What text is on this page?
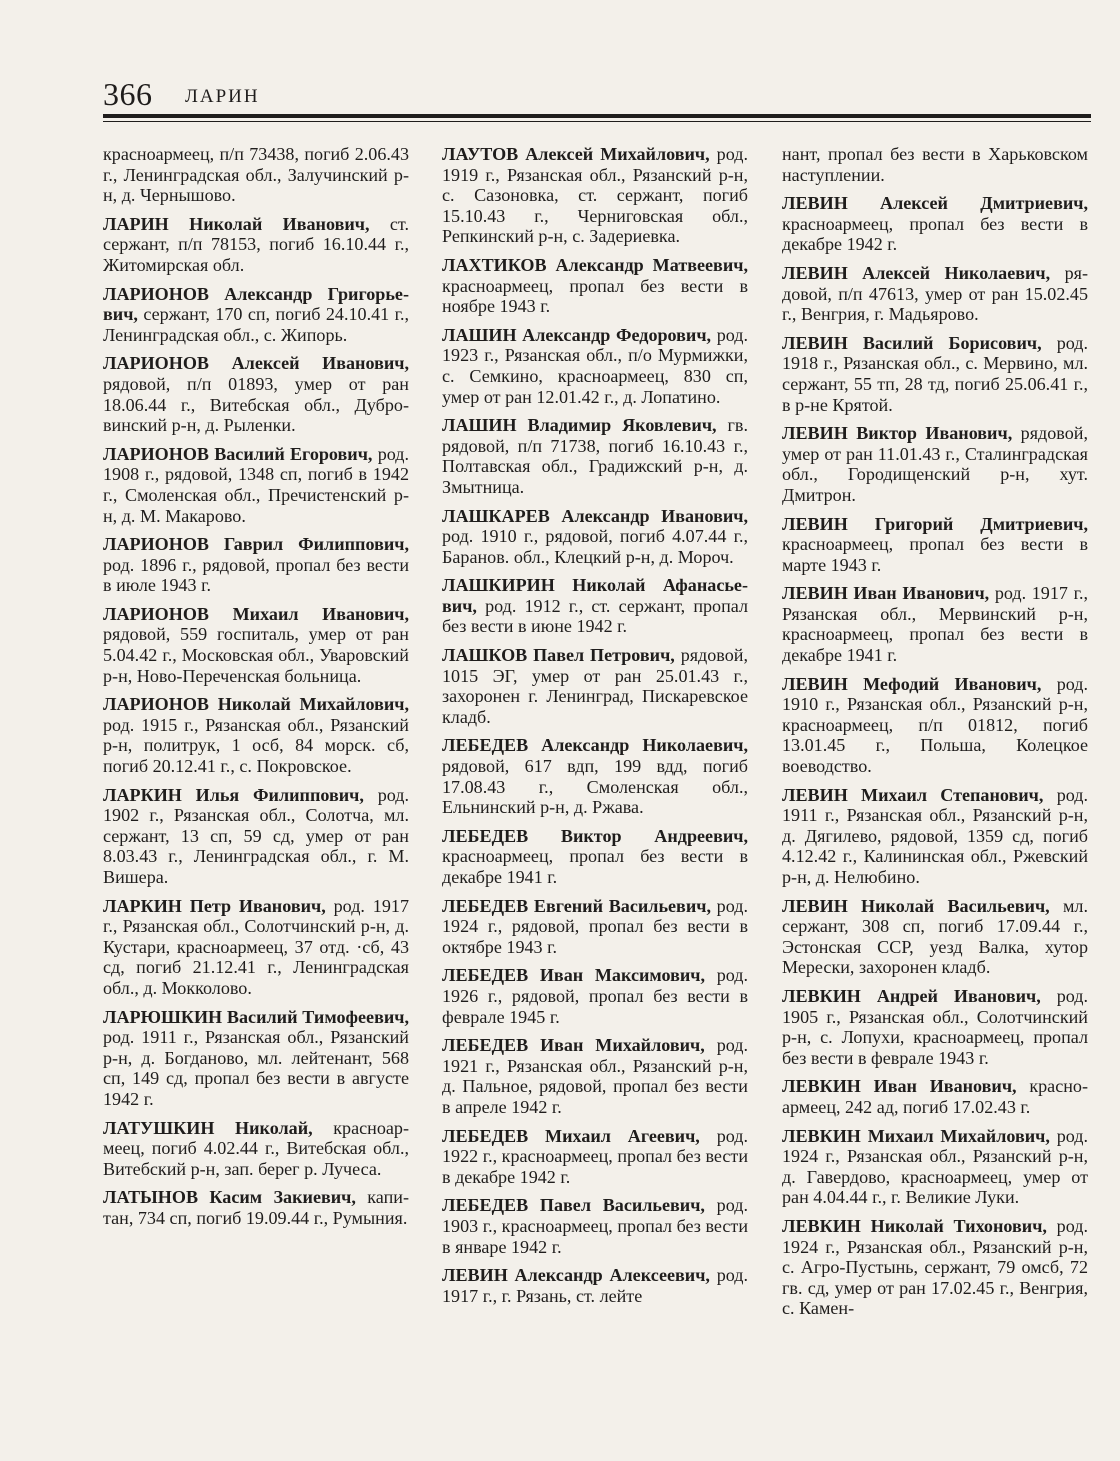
366 ЛАРИН

красноармеец, п/п 73438, погиб 2.06.43 г., Ленинградская обл., Залучинский р-н, д. Чернышово.

ЛАРИН Николай Иванович, ст. сержант, п/п 78153, погиб 16.10.44 г., Житомирская обл.

ЛАРИОНОВ Александр Григорьевич, сержант, 170 сп, погиб 24.10.41 г., Ленинградская обл., с. Жипорь.

ЛАРИОНОВ Алексей Иванович, рядовой, п/п 01893, умер от ран 18.06.44 г., Витебская обл., Дубровинский р-н, д. Рыленки.

ЛАРИОНОВ Василий Егорович, род. 1908 г., рядовой, 1348 сп, погиб в 1942 г., Смоленская обл., Пречистенский р-н, д. М. Макарово.

ЛАРИОНОВ Гаврил Филиппович, род. 1896 г., рядовой, пропал без вести в июле 1943 г.

ЛАРИОНОВ Михаил Иванович, рядовой, 559 госпиталь, умер от ран 5.04.42 г., Московская обл., Уваровский р-н, Ново-Переченская больница.

ЛАРИОНОВ Николай Михайлович, род. 1915 г., Рязанская обл., Рязанский р-н, политрук, 1 осб, 84 морск. сб, погиб 20.12.41 г., с. Покровское.

ЛАРКИН Илья Филиппович, род. 1902 г., Рязанская обл., Солотча, мл. сержант, 13 сп, 59 сд, умер от ран 8.03.43 г., Ленинградская обл., г. М. Вишера.

ЛАРКИН Петр Иванович, род. 1917 г., Рязанская обл., Солотчинский р-н, д. Кустари, красноармеец, 37 отд. ·сб, 43 сд, погиб 21.12.41 г., Ленинградская обл., д. Мокколово.

ЛАРЮШКИН Василий Тимофеевич, род. 1911 г., Рязанская обл., Рязанский р-н, д. Богданово, мл. лейтенант, 568 сп, 149 сд, пропал без вести в августе 1942 г.

ЛАТУШКИН Николай, красноармеец, погиб 4.02.44 г., Витебская обл., Витебский р-н, зап. берег р. Лучеса.

ЛАТЫНОВ Касим Закиевич, капитан, 734 сп, погиб 19.09.44 г., Румыния.

ЛАУТОВ Алексей Михайлович, род. 1919 г., Рязанская обл., Рязанский р-н, с. Сазоновка, ст. сержант, погиб 15.10.43 г., Черниговская обл., Репкинский р-н, с. Задериевка.

ЛАХТИКОВ Александр Матвеевич, красноармеец, пропал без вести в ноябре 1943 г.

ЛАШИН Александр Федорович, род. 1923 г., Рязанская обл., п/о Мурмижки, с. Семкино, красноармеец, 830 сп, умер от ран 12.01.42 г., д. Лопатино.

ЛАШИН Владимир Яковлевич, гв. рядовой, п/п 71738, погиб 16.10.43 г., Полтавская обл., Градижский р-н, д. Змытница.

ЛАШКАРЕВ Александр Иванович, род. 1910 г., рядовой, погиб 4.07.44 г., Баранов. обл., Клецкий р-н, д. Мороч.

ЛАШКИРИН Николай Афанасьевич, род. 1912 г., ст. сержант, пропал без вести в июне 1942 г.

ЛАШКОВ Павел Петрович, рядовой, 1015 ЭГ, умер от ран 25.01.43 г., захоронен г. Ленинград, Пискаревское кладб.

ЛЕБЕДЕВ Александр Николаевич, рядовой, 617 вдп, 199 вдд, погиб 17.08.43 г., Смоленская обл., Ельнинский р-н, д. Ржава.

ЛЕБЕДЕВ Виктор Андреевич, красноармеец, пропал без вести в декабре 1941 г.

ЛЕБЕДЕВ Евгений Васильевич, род. 1924 г., рядовой, пропал без вести в октябре 1943 г.

ЛЕБЕДЕВ Иван Максимович, род. 1926 г., рядовой, пропал без вести в феврале 1945 г.

ЛЕБЕДЕВ Иван Михайлович, род. 1921 г., Рязанская обл., Рязанский р-н, д. Пальное, рядовой, пропал без вести в апреле 1942 г.

ЛЕБЕДЕВ Михаил Агеевич, род. 1922 г., красноармеец, пропал без вести в декабре 1942 г.

ЛЕБЕДЕВ Павел Васильевич, род. 1903 г., красноармеец, пропал без вести в январе 1942 г.

ЛЕВИН Александр Алексеевич, род. 1917 г., г. Рязань, ст. лейте

нант, пропал без вести в Харьковском наступлении.

ЛЕВИН Алексей Дмитриевич, красноармеец, пропал без вести в декабре 1942 г.

ЛЕВИН Алексей Николаевич, рядовой, п/п 47613, умер от ран 15.02.45 г., Венгрия, г. Мадьярово.

ЛЕВИН Василий Борисович, род. 1918 г., Рязанская обл., с. Мервино, мл. сержант, 55 тп, 28 тд, погиб 25.06.41 г., в р-не Крятой.

ЛЕВИН Виктор Иванович, рядовой, умер от ран 11.01.43 г., Сталинградская обл., Городищенский р-н, хут. Дмитрон.

ЛЕВИН Григорий Дмитриевич, красноармеец, пропал без вести в марте 1943 г.

ЛЕВИН Иван Иванович, род. 1917 г., Рязанская обл., Мервинский р-н, красноармеец, пропал без вести в декабре 1941 г.

ЛЕВИН Мефодий Иванович, род. 1910 г., Рязанская обл., Рязанский р-н, красноармеец, п/п 01812, погиб 13.01.45 г., Польша, Колецкое воеводство.

ЛЕВИН Михаил Степанович, род. 1911 г., Рязанская обл., Рязанский р-н, д. Дягилево, рядовой, 1359 сд, погиб 4.12.42 г., Калининская обл., Ржевский р-н, д. Нелюбино.

ЛЕВИН Николай Васильевич, мл. сержант, 308 сп, погиб 17.09.44 г., Эстонская ССР, уезд Валка, хутор Мерески, захоронен кладб.

ЛЕВКИН Андрей Иванович, род. 1905 г., Рязанская обл., Солотчинский р-н, с. Лопухи, красноармеец, пропал без вести в феврале 1943 г.

ЛЕВКИН Иван Иванович, красноармеец, 242 ад, погиб 17.02.43 г.

ЛЕВКИН Михаил Михайлович, род. 1924 г., Рязанская обл., Рязанский р-н, д. Гавердово, красноармеец, умер от ран 4.04.44 г., г. Великие Луки.

ЛЕВКИН Николай Тихонович, род. 1924 г., Рязанская обл., Рязанский р-н, с. Агро-Пустынь, сержант, 79 омсб, 72 гв. сд, умер от ран 17.02.45 г., Венгрия, с. Камен-
